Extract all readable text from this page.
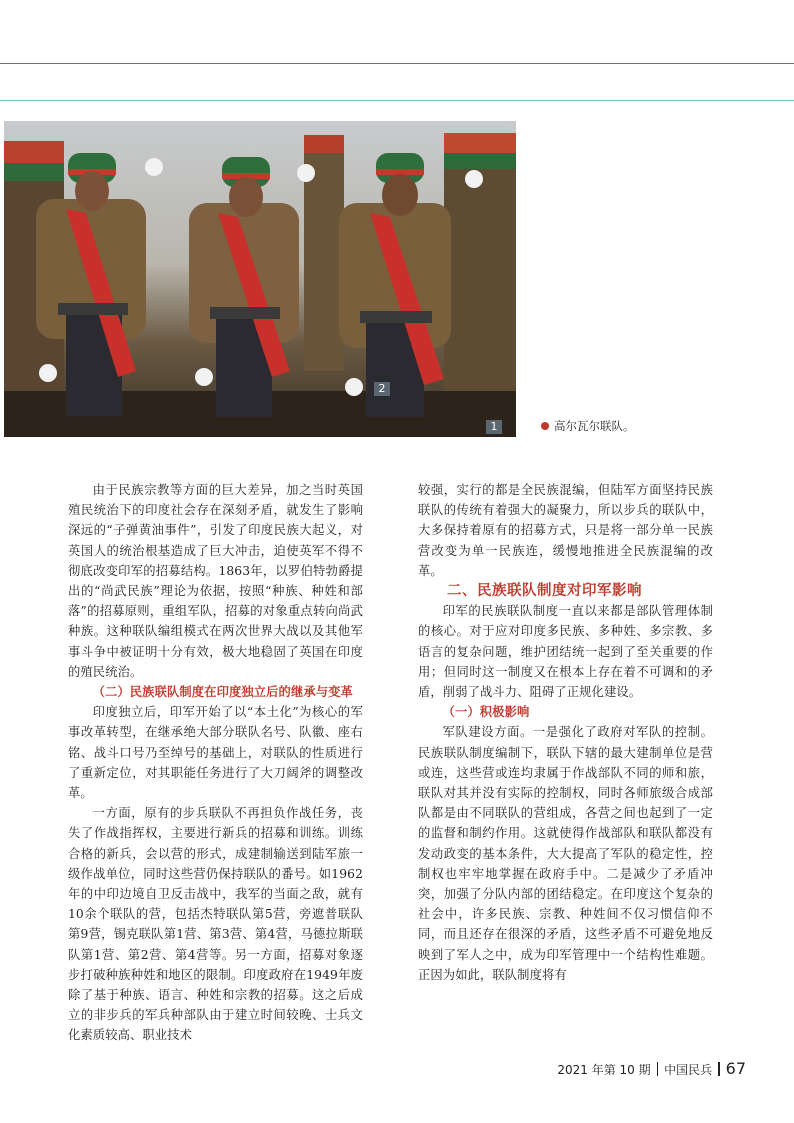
2
1	高尔瓦尔联队。

由于民族宗教等方面的巨大差异，加之当时英国殖民统治下的印度社会存在深刻矛盾，就发生了影响深远的“子弹黄油事件”，引发了印度民族大起义，对英国人的统治根基造成了巨大冲击，迫使英军不得不彻底改变印军的招募结构。1863年，以罗伯特勃爵提出的“尚武民族”理论为依据，按照“种族、种姓和部落”的招募原则，重组军队，招募的对象重点转向尚武种族。这种联队编组模式在两次世界大战以及其他军事斗争中被证明十分有效，极大地稳固了英国在印度的殖民统治。

（二）民族联队制度在印度独立后的继承与变革

印度独立后，印军开始了以“本土化”为核心的军事改革转型，在继承绝大部分联队名号、队徽、座右铭、战斗口号乃至绰号的基础上，对联队的性质进行了重新定位，对其职能任务进行了大刀阔斧的调整改革。

一方面，原有的步兵联队不再担负作战任务，丧失了作战指挥权，主要进行新兵的招募和训练。训练合格的新兵，会以营的形式，成建制输送到陆军旅一级作战单位，同时这些营仍保持联队的番号。如1962年的中印边境自卫反击战中，我军的当面之敌，就有10余个联队的营，包括杰特联队第5营，旁遮普联队第9营，锡克联队第1营、第3营、第4营，马德拉斯联队第1营、第2营、第4营等。另一方面，招募对象逐步打破种族种姓和地区的限制。印度政府在1949年废除了基于种族、语言、种姓和宗教的招募。这之后成立的非步兵的军兵种部队由于建立时间较晚、士兵文化素质较高、职业技术

较强，实行的都是全民族混编，但陆军方面坚持民族联队的传统有着强大的凝聚力，所以步兵的联队中，大多保持着原有的招募方式，只是将一部分单一民族营改变为单一民族连，缓慢地推进全民族混编的改革。

二、民族联队制度对印军影响

印军的民族联队制度一直以来都是部队管理体制的核心。对于应对印度多民族、多种姓、多宗教、多语言的复杂问题，维护团结统一起到了至关重要的作用；但同时这一制度又在根本上存在着不可调和的矛盾，削弱了战斗力、阻碍了正规化建设。

（一）积极影响

军队建设方面。一是强化了政府对军队的控制。民族联队制度编制下，联队下辖的最大建制单位是营或连，这些营或连均隶属于作战部队不同的师和旅，联队对其并没有实际的控制权，同时各师旅级合成部队都是由不同联队的营组成，各营之间也起到了一定的监督和制约作用。这就使得作战部队和联队都没有发动政变的基本条件，大大提高了军队的稳定性，控制权也牢牢地掌握在政府手中。二是减少了矛盾冲突，加强了分队内部的团结稳定。在印度这个复杂的社会中，许多民族、宗教、种姓间不仅习惯信仰不同，而且还存在很深的矛盾，这些矛盾不可避免地反映到了军人之中，成为印军管理中一个结构性难题。正因为如此，联队制度将有

2021 年第 10 期 中国民兵 67
